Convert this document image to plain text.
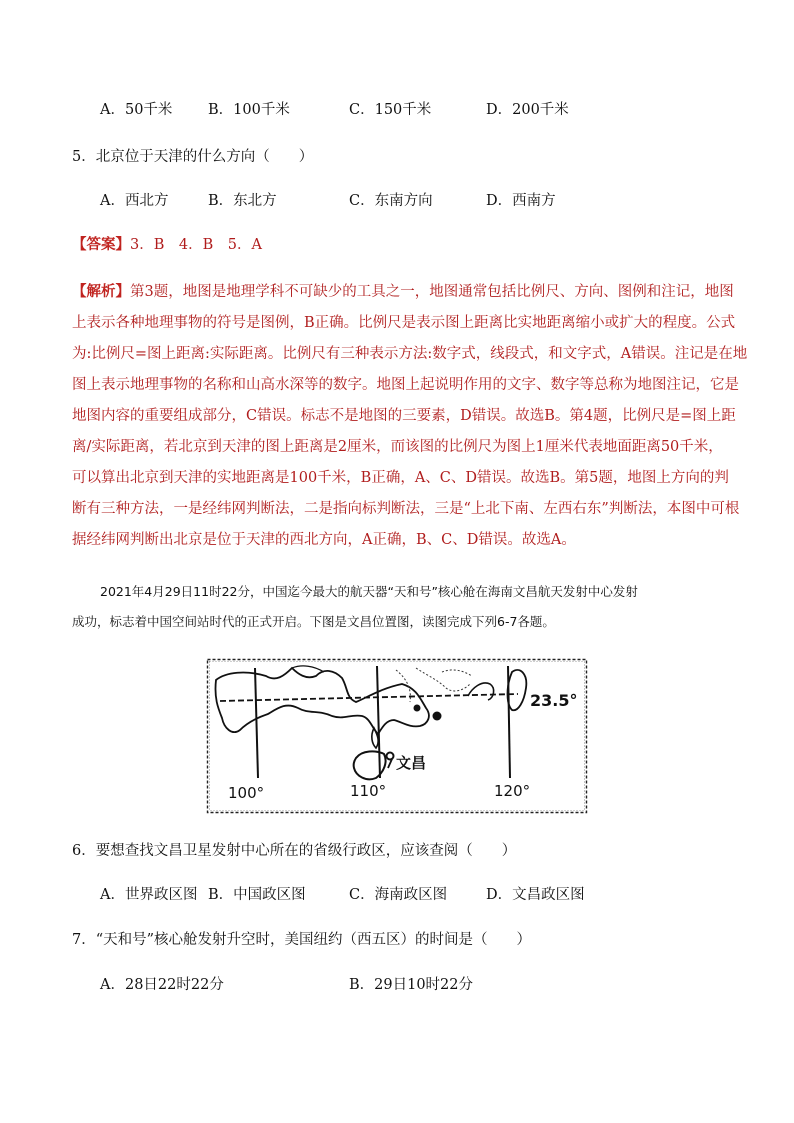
A．50千米 B．100千米	C．150千米	D．200千米
5．北京位于天津的什么方向（　　）
A．西北方	B．东北方	C．东南方向	D．西南方
【答案】3．B　4．B　5．A
【解析】第3题，地图是地理学科不可缺少的工具之一，地图通常包括比例尺、方向、图例和注记，地图
上表示各种地理事物的符号是图例，B正确。比例尺是表示图上距离比实地距离缩小或扩大的程度。公式
为:比例尺=图上距离:实际距离。比例尺有三种表示方法:数字式，线段式，和文字式，A错误。注记是在地
图上表示地理事物的名称和山高水深等的数字。地图上起说明作用的文字、数字等总称为地图注记，它是
地图内容的重要组成部分，C错误。标志不是地图的三要素，D错误。故选B。第4题，比例尺是=图上距
离/实际距离，若北京到天津的图上距离是2厘米，而该图的比例尺为图上1厘米代表地面距离50千米，
可以算出北京到天津的实地距离是100千米，B正确，A、C、D错误。故选B。第5题，地图上方向的判
断有三种方法，一是经纬网判断法，二是指向标判断法，三是“上北下南、左西右东”判断法，本图中可根
据经纬网判断出北京是位于天津的西北方向，A正确，B、C、D错误。故选A。
2021年4月29日11时22分，中国迄今最大的航天器“天和号”核心舱在海南文昌航天发射中心发射
成功，标志着中国空间站时代的正式开启。下图是文昌位置图，读图完成下列6-7各题。
23.5°
文昌
100°	110°	120°
6．要想查找文昌卫星发射中心所在的省级行政区，应该查阅（　　）
A．世界政区图 B．中国政区图	C．海南政区图	D．文昌政区图
7．“天和号”核心舱发射升空时，美国纽约（西五区）的时间是（　　）
A．28日22时22分	B．29日10时22分
